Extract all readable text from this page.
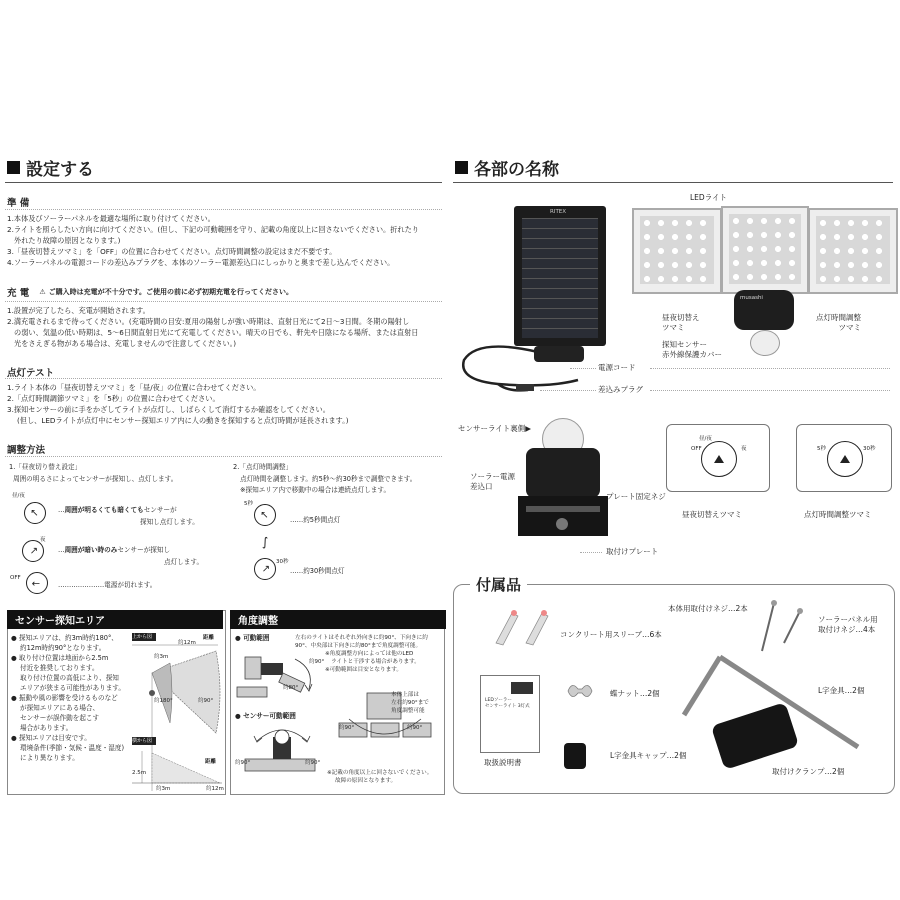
設定する
準 備
1.本体及びソーラーパネルを最適な場所に取り付けてください。
2.ライトを照らしたい方向に向けてください。(但し、下記の可動範囲を守り、記載の角度以上に回さないでください。折れたり
外れたり故障の原因となります。)
3.「昼夜切替えツマミ」を「OFF」の位置に合わせてください。点灯時間調整の設定はまだ不要です。
4.ソーラーパネルの電源コードの差込みプラグを、本体のソーラー電源差込口にしっかりと奥まで差し込んでください。
充 電 ⚠ ご購入時は充電が不十分です。ご使用の前に必ず初期充電を行ってください。
1.設置が完了したら、充電が開始されます。
2.満充電されるまで待ってください。(充電時間の目安:夏用の陽射しが強い時期は、直射日光にて2日〜3日間。冬期の陽射し
の弱い、気温の低い時期は、5〜6日間直射日光にて充電してください。晴天の日でも、軒先や日陰になる場所、または直射日
光をさえぎる物がある場合は、充電しませんので注意してください。)
点灯テスト
1.ライト本体の「昼夜切替えツマミ」を「昼/夜」の位置に合わせてください。
2.「点灯時間調節ツマミ」を「5秒」の位置に合わせてください。
3.探知センサーの前に手をかざしてライトが点灯し、しばらくして消灯するか確認をしてください。
(但し、LEDライトが点灯中にセンサー探知エリア内に人の動きを探知すると点灯時間が延長されます。)
調整方法
1.「昼夜切り替え設定」
周囲の明るさによってセンサーが探知し、点灯します。
昼/夜
↑ …周囲が明るくても暗くてもセンサーが
探知し点灯します。
夜
↑	…周囲が暗い時のみセンサーが探知し
点灯します。
OFF
↑ …………………電源が切れます。
2.「点灯時間調整」
点灯時間を調整します。約5秒〜約30秒まで調整できます。
※探知エリア内で移動中の場合は連続点灯します。
5秒
↑	……約5秒間点灯
∫
30秒
↑	……約30秒間点灯
センサー探知エリア
● 探知エリアは、約3m時約180°、
約12m時約90°となります。
● 取り付け位置は地面から2.5m
付近を推奨しております。
取り付け位置の高低により、探知
エリアが狭まる可能性があります。
● 振動や風の影響を受けるものなど
が探知エリアにある場合、
センサーが誤作動を起こす
場合があります。
● 探知エリアは目安です。
環境条件(季節・気候・温度・湿度)
により異なります。
上から図
横から図
距離
約12m
約3m
約180°	約90°
距離
2.5m
約3m	約12m
角度調整
● 可動範囲	左右のライトはそれぞれ外向きに約90°、下向きに約
90°、中央部は下向きに約80°まで角度調整可能。
※角度調整方向によっては他のLED
ライトと干渉する場合があります。
※可動範囲は目安となります。
約90°
約80°
● センサー可動範囲
約90°	約90°
本体上部は
左右約90°まで
角度調整可能
約90°	約90°
※記載の角度以上に回さないでください。
故障の原因となります。
各部の名称
RITEX
電源コード
差込みプラグ
LEDライト
musashi
昼夜切替え
ツマミ
点灯時間調整
ツマミ
探知センサー
赤外線保護カバー
センサーライト裏側▶
ソーラー電源
差込口
プレート固定ネジ
取付けプレート
昼/夜
OFF	夜
昼夜切替えツマミ
5秒	30秒
点灯時間調整ツマミ
付属品
コンクリート用スリーブ…6本
本体用取付けネジ…2本
ソーラーパネル用
取付けネジ…4本
LEDソーラー
センサーライト 3灯式
取扱説明書
蝶ナット…2個	L字金具…2個
L字金具キャップ…2個
取付けクランプ…2個
